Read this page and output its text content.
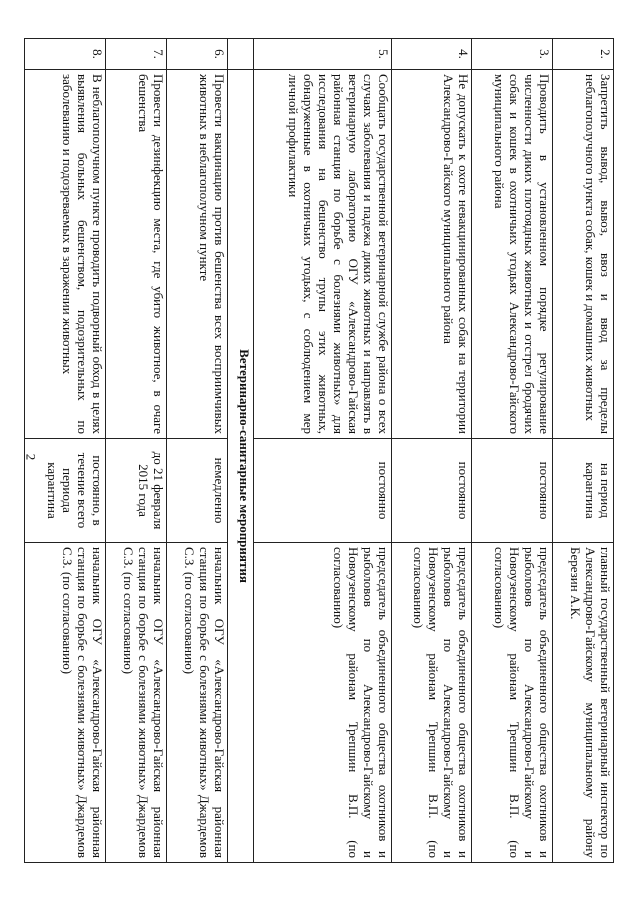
2
2.	Запретить вывод, вывоз, ввоз и ввод за пределы неблагополучного пункта собак, кошек и домашних животных	на период карантина	главный государственный ветеринарный инспектор по Александрово-Гайскому муниципальному району Березин А.К.
3.	Проводить в установленном порядке регулирование численности диких плотоядных животных и отстрел бродячих собак и кошек в охотничьих угодьях Александрово-Гайского муниципального района	постоянно	председатель объединенного общества охотников и рыболовов по Александрово-Гайскому и Новоузенскому районам Трепшин В.П. (по согласованию)
4.	Не допускать к охоте невакцинированных собак на территории Александрово-Гайского муниципального района	постоянно	председатель объединенного общества охотников и рыболовов по Александрово-Гайскому и Новоузенскому районам Трепшин В.П. (по согласованию)
5.	Сообщать государственной ветеринарной службе района о всех случаях заболевания и падежа диких животных и направлять в ветеринарную лабораторию ОГУ «Александрово-Гайская районная станция по борьбе с болезнями животных» для исследования на бешенство трупы этих животных, обнаруженные в охотничьих угодьях, с соблюдением мер личной профилактики	постоянно	председатель объединенного общества охотников и рыболовов по Александрово-Гайскому и Новоузенскому районам Трепшин В.П. (по согласованию)
	Ветеринарно-санитарные мероприятия		
6.	Провести вакцинацию против бешенства всех восприимчивых животных в неблагополучном пункте	немедленно	начальник ОГУ «Александрово-Гайская районная станция по борьбе с болезнями животных» Джардемов С.З. (по согласованию)
7.	Провести дезинфекцию места, где убито животное, в очаге бешенства	до 21 февраля 2015 года	начальник ОГУ «Александрово-Гайская районная станция по борьбе с болезнями животных» Джардемов С.З. (по согласованию)
8.	В неблагополучном пункте проводить подворный обход в целях выявления больных бешенством, подозрительных по заболеванию и подозреваемых в заражении животных	постоянно, в течение всего периода карантина	начальник ОГУ «Александрово-Гайская районная станция по борьбе с болезнями животных» Джардемов С.З. (по согласованию)
